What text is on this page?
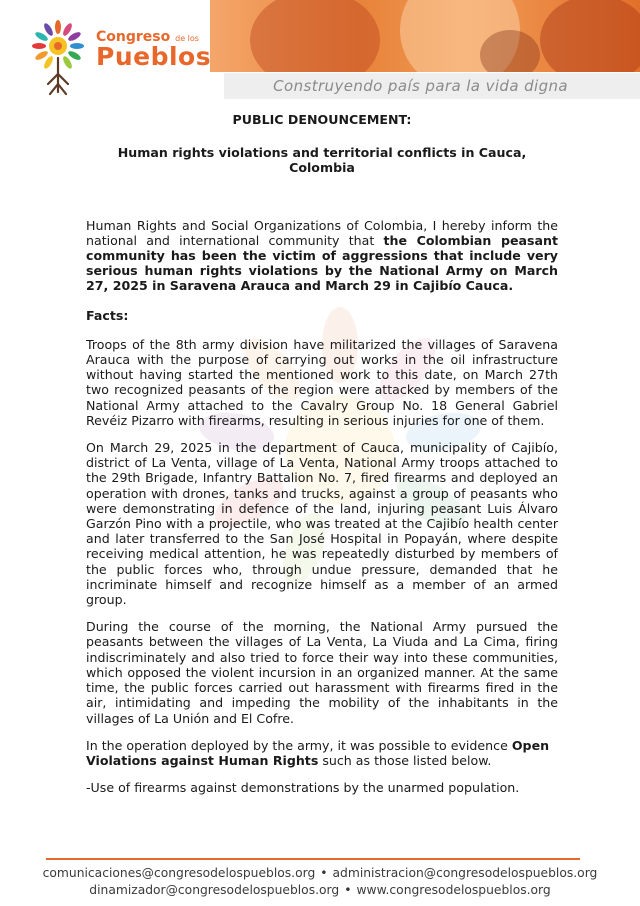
Construyendo país para la vida digna
Congreso de los
Pueblos

PUBLIC DENOUNCEMENT:

Human rights violations and territorial conflicts in Cauca, Colombia

Human Rights and Social Organizations of Colombia, I hereby inform the national and international community that the Colombian peasant community has been the victim of aggressions that include very serious human rights violations by the National Army on March 27, 2025 in Saravena Arauca and March 29 in Cajibío Cauca.

Facts:

Troops of the 8th army division have militarized the villages of Saravena Arauca with the purpose of carrying out works in the oil infrastructure without having started the mentioned work to this date, on March 27th two recognized peasants of the region were attacked by members of the National Army attached to the Cavalry Group No. 18 General Gabriel Revéiz Pizarro with firearms, resulting in serious injuries for one of them.

On March 29, 2025 in the department of Cauca, municipality of Cajibío, district of La Venta, village of La Venta, National Army troops attached to the 29th Brigade, Infantry Battalion No. 7, fired firearms and deployed an operation with drones, tanks and trucks, against a group of peasants who were demonstrating in defence of the land, injuring peasant Luis Álvaro Garzón Pino with a projectile, who was treated at the Cajibío health center and later transferred to the San José Hospital in Popayán, where despite receiving medical attention, he was repeatedly disturbed by members of the public forces who, through undue pressure, demanded that he incriminate himself and recognize himself as a member of an armed group.

During the course of the morning, the National Army pursued the peasants between the villages of La Venta, La Viuda and La Cima, firing indiscriminately and also tried to force their way into these communities, which opposed the violent incursion in an organized manner. At the same time, the public forces carried out harassment with firearms fired in the air, intimidating and impeding the mobility of the inhabitants in the villages of La Unión and El Cofre.

In the operation deployed by the army, it was possible to evidence Open Violations against Human Rights such as those listed below.

-Use of firearms against demonstrations by the unarmed population.

comunicaciones@congresodelospueblos.org • administracion@congresodelospueblos.org
dinamizador@congresodelospueblos.org • www.congresodelospueblos.org
